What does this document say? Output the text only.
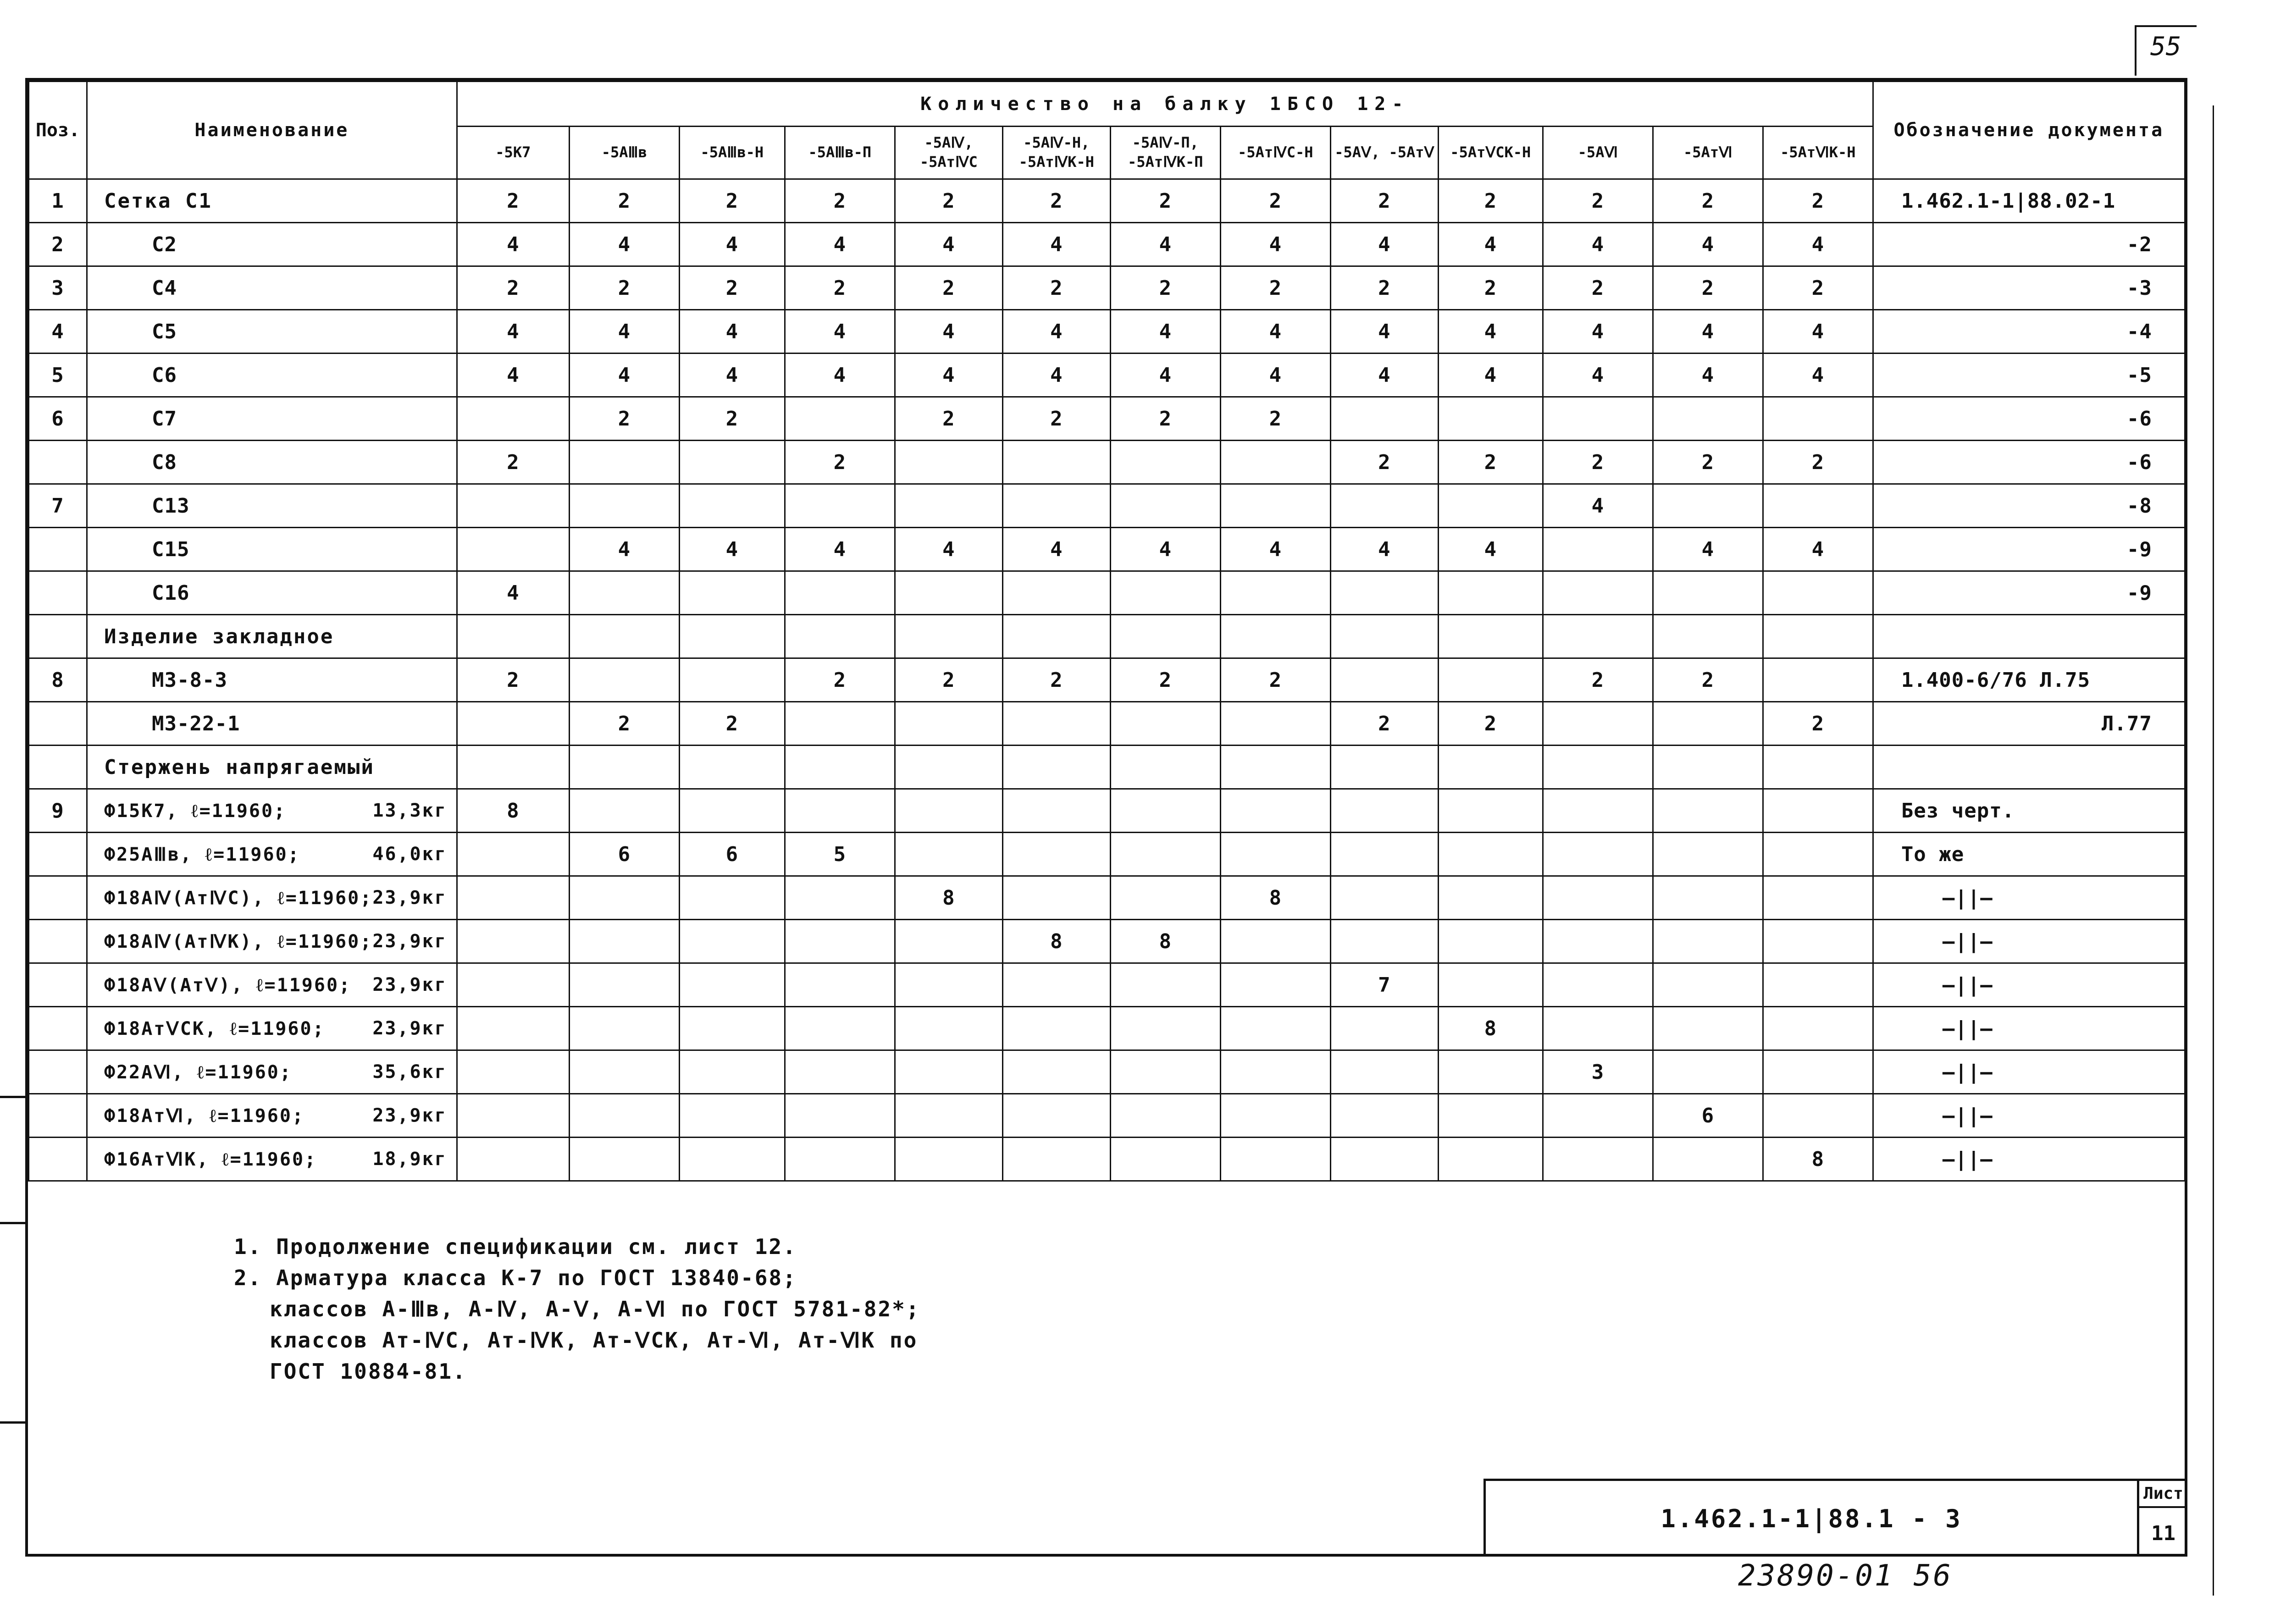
55
Поз.	Наименование	Количество на балку 1БСО 12-													Обозначение документа
		-5К7	-5АⅢв	-5АⅢв-Н	-5АⅢв-П	-5АⅣ, -5АтⅣС	-5АⅣ-Н, -5АтⅣК-Н	-5АⅣ-П, -5АтⅣК-П	-5АтⅣС-Н	-5АⅤ, -5АтⅤ	-5АтⅤСК-Н	-5АⅥ	-5АтⅥ	-5АтⅥК-Н	
1	Сетка С1	2	2	2	2	2	2	2	2	2	2	2	2	2	1.462.1-1|88.02-1
2	С2	4	4	4	4	4	4	4	4	4	4	4	4	4	-2
3	С4	2	2	2	2	2	2	2	2	2	2	2	2	2	-3
4	С5	4	4	4	4	4	4	4	4	4	4	4	4	4	-4
5	С6	4	4	4	4	4	4	4	4	4	4	4	4	4	-5
6	С7		2	2		2	2	2	2						-6
	С8	2			2					2	2	2	2	2	-6
7	С13											4			-8
	С15		4	4	4	4	4	4	4	4	4		4	4	-9
	С16	4													-9
	Изделие закладное														
8	МЗ-8-3	2			2	2	2	2	2			2	2		1.400-6/76 Л.75
	МЗ-22-1		2	2						2	2			2	Л.77
	Стержень напрягаемый														
9	Ф15К7, ℓ=11960; 13,3кг	8													Без черт.

	Ф25АⅢв, ℓ=11960; 46,0кг		6	6	5										То же

	Ф18АⅣ(АтⅣС), ℓ=11960; 23,9кг					8			8						—||—

	Ф18АⅣ(АтⅣК), ℓ=11960; 23,9кг						8	8							—||—

	Ф18АⅤ(АтⅤ), ℓ=11960; 23,9кг									7					—||—

	Ф18АтⅤСК, ℓ=11960; 23,9кг										8				—||—

	Ф22АⅥ, ℓ=11960; 35,6кг											3			—||—

	Ф18АтⅥ, ℓ=11960; 23,9кг												6		—||—

	Ф16АтⅥК, ℓ=11960; 18,9кг													8	—||—
1. Продолжение спецификации см. лист 12.
2. Арматура класса К-7 по ГОСТ 13840-68;
классов А-Ⅲв, А-Ⅳ, А-Ⅴ, А-Ⅵ по ГОСТ 5781-82*;
классов Ат-ⅣС, Ат-ⅣК, Ат-ⅤСК, Ат-Ⅵ, Ат-ⅥК по
ГОСТ 10884-81.
1.462.1-1|88.1 - 3
Лист
11
23890-01 56
